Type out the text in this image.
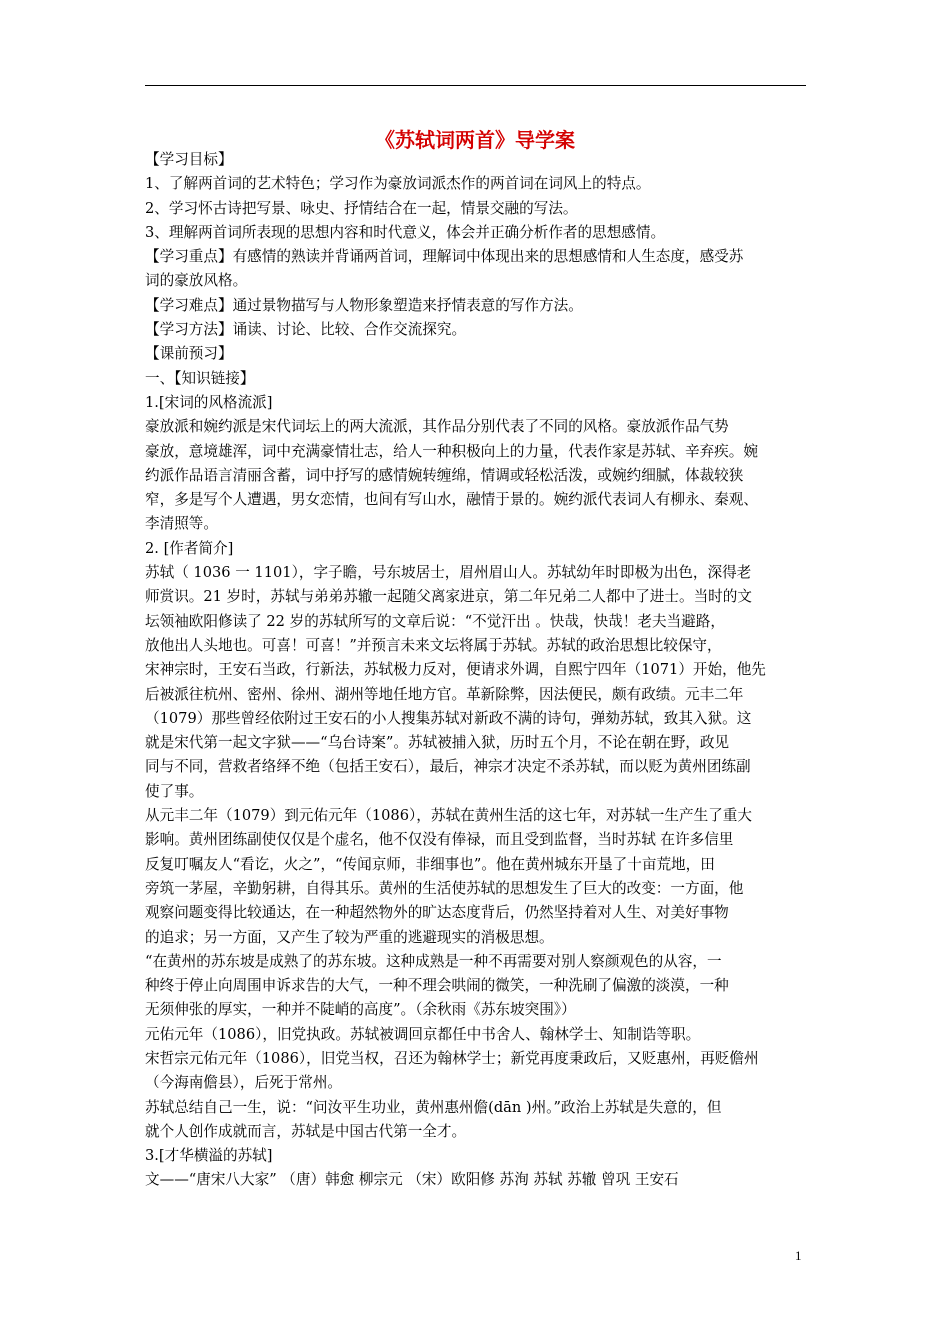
《苏轼词两首》导学案

【学习目标】

1、了解两首词的艺术特色；学习作为豪放词派杰作的两首词在词风上的特点。

2、学习怀古诗把写景、咏史、抒情结合在一起，情景交融的写法。

3、理解两首词所表现的思想内容和时代意义，体会并正确分析作者的思想感情。

【学习重点】有感情的熟读并背诵两首词，理解词中体现出来的思想感情和人生态度，感受苏

词的豪放风格。

【学习难点】通过景物描写与人物形象塑造来抒情表意的写作方法。

【学习方法】诵读、讨论、比较、合作交流探究。

【课前预习】

一、【知识链接】

1.[宋词的风格流派]

豪放派和婉约派是宋代词坛上的两大流派，其作品分别代表了不同的风格。豪放派作品气势

豪放，意境雄浑，词中充满豪情壮志，给人一种积极向上的力量，代表作家是苏轼、辛弃疾。婉

约派作品语言清丽含蓄，词中抒写的感情婉转缠绵，情调或轻松活泼，或婉约细腻，体裁较狭

窄，多是写个人遭遇，男女恋情，也间有写山水，融情于景的。婉约派代表词人有柳永、秦观、

李清照等。

2. [作者简介]

苏轼（ 1036 一 1101），字子瞻，号东坡居士，眉州眉山人。苏轼幼年时即极为出色，深得老

师赏识。21 岁时，苏轼与弟弟苏辙一起随父离家进京，第二年兄弟二人都中了进士。当时的文

坛领袖欧阳修读了 22 岁的苏轼所写的文章后说：“不觉汗出 。快哉，快哉！老夫当避路，

放他出人头地也。可喜！可喜！”并预言未来文坛将属于苏轼。苏轼的政治思想比较保守，

宋神宗时，王安石当政，行新法，苏轼极力反对，便请求外调，自熙宁四年（1071）开始，他先

后被派往杭州、密州、徐州、湖州等地任地方官。革新除弊，因法便民，颇有政绩。元丰二年

（1079）那些曾经依附过王安石的小人搜集苏轼对新政不满的诗句，弹劾苏轼，致其入狱。这

就是宋代第一起文字狱——“乌台诗案”。苏轼被捕入狱，历时五个月，不论在朝在野，政见

同与不同，营救者络绎不绝（包括王安石），最后，神宗才决定不杀苏轼，而以贬为黄州团练副

使了事。

从元丰二年（1079）到元佑元年（1086），苏轼在黄州生活的这七年，对苏轼一生产生了重大

影响。黄州团练副使仅仅是个虚名，他不仅没有俸禄，而且受到监督，当时苏轼 在许多信里

反复叮嘱友人“看讫，火之”，“传闻京师，非细事也”。他在黄州城东开垦了十亩荒地，田

旁筑一茅屋，辛勤躬耕，自得其乐。黄州的生活使苏轼的思想发生了巨大的改变：一方面，他

观察问题变得比较通达，在一种超然物外的旷达态度背后，仍然坚持着对人生、对美好事物

的追求；另一方面，又产生了较为严重的逃避现实的消极思想。

“在黄州的苏东坡是成熟了的苏东坡。这种成熟是一种不再需要对别人察颜观色的从容，一

种终于停止向周围申诉求告的大气，一种不理会哄闹的微笑，一种洗刷了偏激的淡漠，一种

无须伸张的厚实，一种并不陡峭的高度”。（余秋雨《苏东坡突围》）

元佑元年（1086），旧党执政。苏轼被调回京都任中书舍人、翰林学士、知制诰等职。

宋哲宗元佑元年（1086），旧党当权，召还为翰林学士；新党再度秉政后，又贬惠州，再贬儋州

（今海南儋县），后死于常州。

苏轼总结自己一生，说：“问汝平生功业，黄州惠州儋(dān )州。”政治上苏轼是失意的，但

就个人创作成就而言，苏轼是中国古代第一全才。

3.[才华横溢的苏轼]

文——“唐宋八大家” （唐）韩愈 柳宗元 （宋）欧阳修 苏洵 苏轼 苏辙 曾巩 王安石

1
